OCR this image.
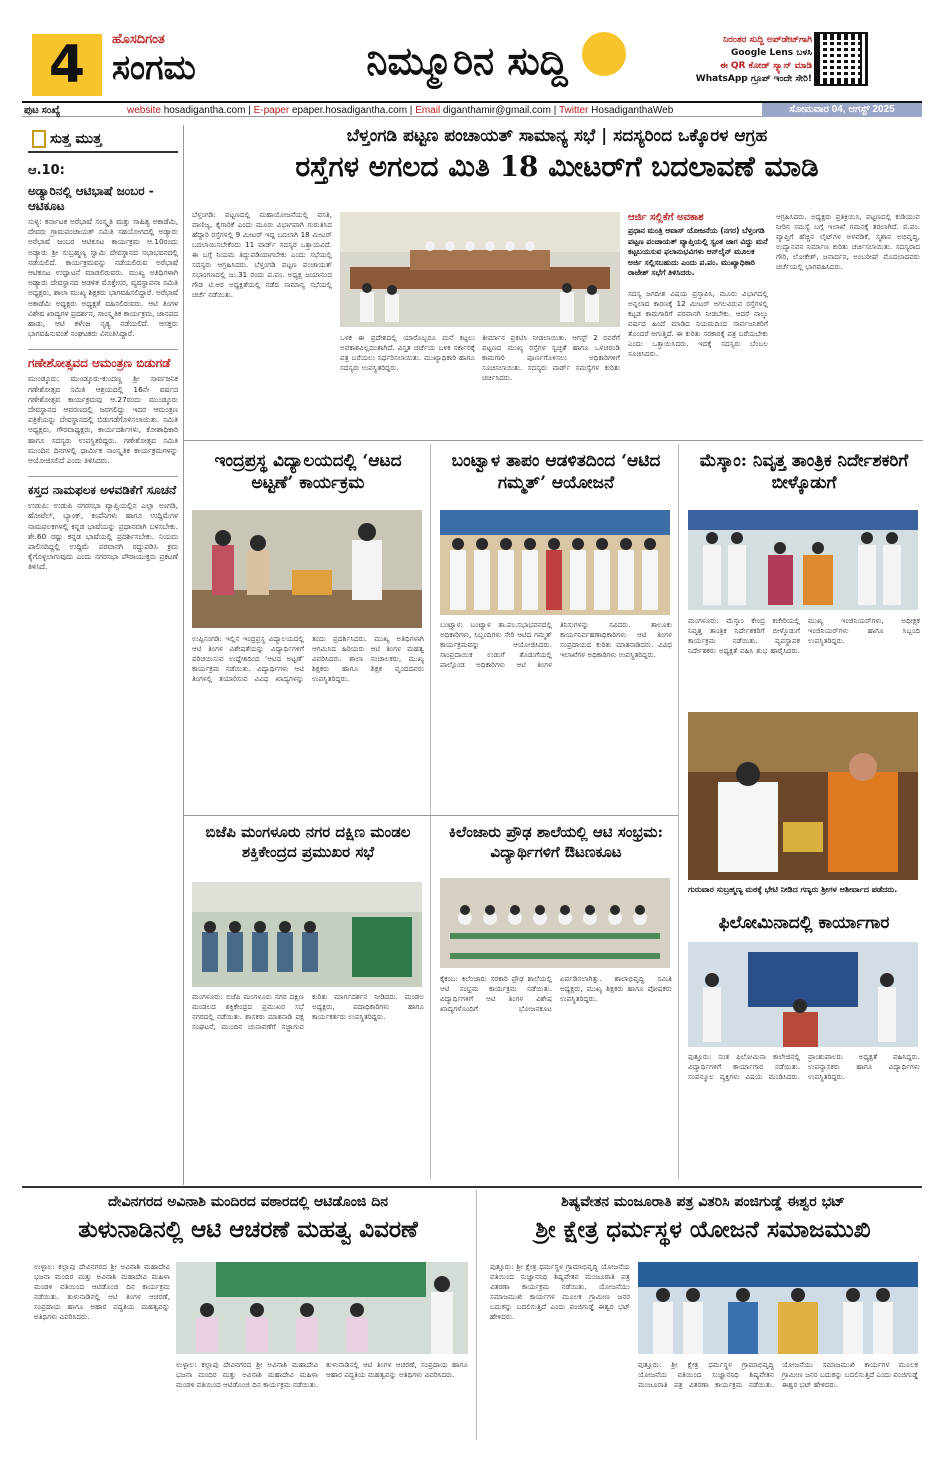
4	ಹೊಸದಿಗಂತ
ಸಂಗಮ	ನಿಮ್ಮೂರಿನ ಸುದ್ದಿ	ನಿರಂತರ ಸುದ್ದಿ ಅಪ್‌ಡೇಟ್‌ಗಾಗಿ
Google Lens ಬಳಸಿ
ಈ QR ಕೋಡ್ ಸ್ಕ್ಯಾನ್ ಮಾಡಿ
WhatsApp ಗ್ರೂಪ್ ಇಂದೇ ಸೇರಿ!
ಪುಟ ಸಂಖ್ಯೆ	website hosadigantha.com | E-paper epaper.hosadigantha.com | Email diganthamir@gmail.com | Twitter HosadiganthaWeb	ಸೋಮವಾರ 04, ಆಗಸ್ಟ್ 2025
ಸುತ್ತ ಮುತ್ತ
ಆ.10:
ಅಡ್ಯಾರಿನಲ್ಲಿ ಆಟಿಭಾಷೆ ಜಂಬರ - ಆಟಿಕೂಟ
ಸುಳ್ಯ: ಕರ್ನಾಟಕ ಅರೆಭಾಷೆ ಸಂಸ್ಕೃತಿ ಮತ್ತು ಸಾಹಿತ್ಯ ಅಕಾಡೆಮಿ, ದೇವರು ಗ್ರಾಮಪಂಚಾಯತ್ ಸಮಿತಿ ಸಹಯೋಗದಲ್ಲಿ ಅಡ್ಯಾರು ಅರೆಭಾಷೆ ಜಂಬರ ಆಟಿಕೂಟ ಕಾರ್ಯಕ್ರಮ ಆ.10ರಂದು ಅಡ್ಯಾರು ಶ್ರೀ ಸುಬ್ರಹ್ಮಣ್ಯ ಸ್ವಾಮಿ ದೇವಸ್ಥಾನದ ಸಭಾಭವನದಲ್ಲಿ ನಡೆಯಲಿದೆ. ಕಾರ್ಯಕ್ರಮವನ್ನು ನಡೆಯಲಿರುವ ಅರೆಭಾಷೆ ಆಟಿಕೂಟ ಉದ್ಘಾಟನೆ ಮಾಡಲಿರುವರು. ಮುಖ್ಯ ಅತಿಥಿಗಳಾಗಿ ಅಡ್ಯಾರು ದೇವಸ್ಥಾನದ ಆಡಳಿತ ಮೊಕ್ತೇಸರ, ವ್ಯವಸ್ಥಾಪನಾ ಸಮಿತಿ ಅಧ್ಯಕ್ಷರು, ಶಾಲಾ ಮುಖ್ಯ ಶಿಕ್ಷಕರು ಭಾಗವಹಿಸಲಿದ್ದಾರೆ. ಅರೆಭಾಷೆ ಅಕಾಡೆಮಿ ಅಧ್ಯಕ್ಷರು ಅಧ್ಯಕ್ಷತೆ ವಹಿಸಲಿರುವರು. ಆಟಿ ತಿಂಗಳ ವಿಶೇಷ ಖಾದ್ಯಗಳ ಪ್ರದರ್ಶನ, ಸಾಂಸ್ಕೃತಿಕ ಕಾರ್ಯಕ್ರಮ, ಜಾನಪದ ಹಾಡು, ಆಟಿ ಕಳೆಂಜ ನೃತ್ಯ ನಡೆಯಲಿದೆ. ಆಸಕ್ತರು ಭಾಗವಹಿಸುವಂತೆ ಸಂಘಟಕರು ವಿನಂತಿಸಿದ್ದಾರೆ.
ಗಣೇಶೋತ್ಸವದ ಆಮಂತ್ರಣ ಬಿಡುಗಡೆ
ಮುಂಡ್ಕೂರು: ಮುಂಡ್ಕೂರು-ಕುಂದಣ್ಣ ಶ್ರೀ ಸಾರ್ವಜನಿಕ ಗಣೇಶೋತ್ಸವ ಸಮಿತಿ ಆಶ್ರಯದಲ್ಲಿ 16ನೇ ವರ್ಷದ ಗಣೇಶೋತ್ಸವ ಕಾರ್ಯಕ್ರಮವು ಆ.27ರಂದು ಮುಂಡ್ಕೂರು ದೇವಸ್ಥಾನದ ಆವರಣದಲ್ಲಿ ಜರಗಲಿದ್ದು ಇದರ ಆಮಂತ್ರಣ ಪತ್ರಿಕೆಯನ್ನು ದೇವಸ್ಥಾನದಲ್ಲಿ ಬಿಡುಗಡೆಗೊಳಿಸಲಾಯಿತು. ಸಮಿತಿ ಅಧ್ಯಕ್ಷರು, ಗೌರವಾಧ್ಯಕ್ಷರು, ಕಾರ್ಯದರ್ಶಿಗಳು, ಕೋಶಾಧಿಕಾರಿ ಹಾಗೂ ಸದಸ್ಯರು ಉಪಸ್ಥಿತರಿದ್ದರು. ಗಣೇಶೋತ್ಸವ ಸಮಿತಿ ಮುಂದಿನ ದಿನಗಳಲ್ಲಿ ಧಾರ್ಮಿಕ ಸಾಂಸ್ಕೃತಿಕ ಕಾರ್ಯಕ್ರಮಗಳನ್ನು ಆಯೋಜಿಸಲಿದೆ ಎಂದು ತಿಳಿಸಿದರು.
ಕಸ್ತದ ನಾಮಫಲಕ ಅಳವಡಿಕೆಗೆ ಸೂಚನೆ
ಉಡುಪಿ: ಉಡುಪಿ ನಗರಸಭಾ ವ್ಯಾಪ್ತಿಯಲ್ಲಿನ ಎಲ್ಲಾ ಅಂಗಡಿ, ಹೋಟೆಲ್, ಬ್ಯಾಂಕ್, ಕಂಪೆನಿಗಳು ಹಾಗೂ ಉದ್ದಿಮೆಗಳ ನಾಮಫಲಕಗಳಲ್ಲಿ ಕನ್ನಡ ಭಾಷೆಯನ್ನು ಪ್ರಧಾನವಾಗಿ ಬಳಸಬೇಕು. ಶೇ.60 ರಷ್ಟು ಕನ್ನಡ ಭಾಷೆಯಲ್ಲಿ ಪ್ರದರ್ಶಿಸಬೇಕು. ನಿಯಮ ಪಾಲಿಸದಿದ್ದಲ್ಲಿ ಉದ್ದಿಮೆ ಪರವಾನಗಿ ರದ್ದುಪಡಿಸಿ ಕ್ರಮ ಕೈಗೊಳ್ಳಲಾಗುವುದು ಎಂದು ನಗರಸಭಾ ಪೌರಾಯುಕ್ತರು ಪ್ರಕಟಣೆ ತಿಳಿಸಿದೆ.
ಬೆಳ್ತಂಗಡಿ ಪಟ್ಟಣ ಪಂಚಾಯತ್ ಸಾಮಾನ್ಯ ಸಭೆ | ಸದಸ್ಯರಿಂದ ಒಕ್ಕೊರಳ ಆಗ್ರಹ
ರಸ್ತೆಗಳ ಅಗಲದ ಮಿತಿ 18 ಮೀಟರ್‌ಗೆ ಬದಲಾವಣೆ ಮಾಡಿ
ಬೆಳ್ತಂಗಡಿ: ಪಟ್ಟಣದಲ್ಲಿ ಮಹಾಯೋಜನೆಯಲ್ಲಿ ವಸತಿ, ವಾಣಿಜ್ಯ, ಕೈಗಾರಿಕೆ ಎಂದು ಮೂರು ವಿಭಾಗವಾಗಿ ಗುರುತಿಸಿದ ಹೆದ್ದಾರಿ ರಸ್ತೆಗಳಲ್ಲಿ 9 ಮೀಟರ್ ಇದ್ದ ಬದಲಾಗಿ 18 ಮೀಟರ್ ಬದಲಾಯಿಸಬೇಕೆಂದು 11 ವಾರ್ಡ್ ಸದಸ್ಯರ ಒತ್ತಾಯವಿದೆ. ಈ ಬಗ್ಗೆ ನಿಯಮ ತಿದ್ದುಪಡಿಯಾಗಬೇಕು ಎಂದು ಸಭೆಯಲ್ಲಿ ಸದಸ್ಯರು ಆಗ್ರಹಿಸಿದರು. ಬೆಳ್ತಂಗಡಿ ಪಟ್ಟಣ ಪಂಚಾಯತ್ ಸಭಾಂಗಣದಲ್ಲಿ ಜು.31 ರಂದು ಪ.ಪಂ. ಅಧ್ಯಕ್ಷ ಜಯಾನಂದ ಗೌಡ ಟಿ.ಆರ ಅಧ್ಯಕ್ಷತೆಯಲ್ಲಿ ನಡೆದ ಸಾಮಾನ್ಯ ಸಭೆಯಲ್ಲಿ ಚರ್ಚೆ ನಡೆಯಿತು.
ಒಳಕ ಈ ಪ್ರದೇಶದಲ್ಲಿ ಯಾರೊಬ್ಬರೂ ಮನೆ ಕಟ್ಟಲು ಅವಕಾಶವಿಲ್ಲದಂತಾಗಿದೆ. ವಿಸ್ತೃತ ಚರ್ಚೆಯ ಬಳಿಕ ಸರ್ಕಾರಕ್ಕೆ ಪತ್ರ ಬರೆಯಲು ನಿರ್ಧರಿಸಲಾಯಿತು. ಮುಖ್ಯಾಧಿಕಾರಿ ಹಾಗೂ ಸದಸ್ಯರು ಉಪಸ್ಥಿತರಿದ್ದರು.
ತೀರ್ಮಾನ ಪ್ರಕಟಿಸಿ ನೀಡಲಾಯಿತು. ಆಗಸ್ಟ್ 2 ರವರೆಗೆ ಪಟ್ಟಣದ ಮುಖ್ಯ ರಸ್ತೆಗಳ ಸ್ವಚ್ಛತೆ ಹಾಗೂ ಒಳಚರಂಡಿ ಕಾಮಗಾರಿ ಪೂರ್ಣಗೊಳಿಸಲು ಅಧಿಕಾರಿಗಳಿಗೆ ಸೂಚಿಸಲಾಯಿತು. ಸದಸ್ಯರು ವಾರ್ಡ್ ಸಮಸ್ಯೆಗಳ ಕುರಿತು ಚರ್ಚಿಸಿದರು.
ಆರ್ಜಿ ಸಲ್ಲಿಕೆಗೆ ಅವಕಾಶ
ಪ್ರಧಾನ ಮಂತ್ರಿ ಆವಾಸ್ ಯೋಜನೆಯ (ನಗರ) ಬೆಳ್ತಂಗಡಿ ಪಟ್ಟಣ ಪಂಚಾಯತ್ ವ್ಯಾಪ್ತಿಯಲ್ಲಿ ಸ್ವಂತ ಜಾಗ ವಿದ್ದು ಮನೆ ಕಟ್ಟಬಯಸುವ ಫಲಾನುಭವಿಗಳು ಆನ್‌ಲೈನ್ ಮೂಲಕ ಅರ್ಜಿ ಸಲ್ಲಿಸಬಹುದು ಎಂದು ಪ.ಪಂ. ಮುಖ್ಯಾಧಿಕಾರಿ ರಾಜೇಶ್ ಸಭೆಗೆ ತಿಳಿಸಿದರು.
ಸದಸ್ಯ ಜಗದೀಶ ವಿಷಯ ಪ್ರಸ್ತಾಪಿಸಿ, ಮೂರು ವಿಭಾಗದಲ್ಲಿ ಅನ್ನಲಾದ ಕಾರಣಕ್ಕೆ 12 ಮೀಟರ್ ಅಗಲವಿರುವ ರಸ್ತೆಗಳಲ್ಲಿ ಕಟ್ಟಡ ಕಾಮಗಾರಿಗೆ ಪರವಾನಗಿ ನೀಡಬೇಕು. ಆದರೆ ನಾಲ್ಕು ವರ್ಷದ ಹಿಂದೆ ಮಾಡಿದ ನಿಯಮದಿಂದ ಸಾರ್ವಜನಿಕರಿಗೆ ತೊಂದರೆ ಆಗುತ್ತಿದೆ. ಈ ಕುರಿತು ಸರಕಾರಕ್ಕೆ ಪತ್ರ ಬರೆಯಬೇಕು ಎಂದು ಒತ್ತಾಯಿಸಿದರು. ಇದಕ್ಕೆ ಸದಸ್ಯರು ಬೆಂಬಲ ಸೂಚಿಸಿದರು.
ಆಗ್ರಹಿಸಿದರು. ಅಧ್ಯಕ್ಷರು ಪ್ರತಿಕ್ರಿಯಿಸಿ, ಪಟ್ಟಣದಲ್ಲಿ ಕುಡಿಯುವ ನೀರಿನ ಸಮಸ್ಯೆ ಬಗ್ಗೆ ಇಲಾಖೆ ಗಮನಕ್ಕೆ ತರಲಾಗಿದೆ. ಪ.ಪಂ. ವ್ಯಾಪ್ತಿಗೆ ಹೆಚ್ಚಿನ ಲೈಟ್‌ಗಳ ಅಳವಡಿಕೆ, ಸ್ಮಶಾನ ಅಭಿವೃದ್ಧಿ, ಉದ್ಯಾನವನ ನಿರ್ಮಾಣ ಕುರಿತು ಚರ್ಚಿಸಲಾಯಿತು. ಸದಸ್ಯರಾದ ಗೌರಿ, ಲೋಕೇಶ್, ಜನಾರ್ದನ, ಅಂಬರೀಷ್ ಮೊದಲಾದವರು ಚರ್ಚೆಯಲ್ಲಿ ಭಾಗವಹಿಸಿದರು.
ಇಂದ್ರಪ್ರಸ್ಥ ವಿದ್ಯಾಲಯದಲ್ಲಿ ‘ಆಟದ ಅಟ್ಟಣೆ’ ಕಾರ್ಯಕ್ರಮ
ಉಪ್ಪಿನಂಗಡಿ: ಇಲ್ಲಿನ ಇಂದ್ರಪ್ರಸ್ಥ ವಿದ್ಯಾಲಯದಲ್ಲಿ ಆಟಿ ತಿಂಗಳ ವಿಶೇಷತೆಯನ್ನು ವಿದ್ಯಾರ್ಥಿಗಳಿಗೆ ಪರಿಚಯಿಸುವ ಉದ್ದೇಶದಿಂದ ‘ಆಟದ ಅಟ್ಟಣೆ’ ಕಾರ್ಯಕ್ರಮ ನಡೆಯಿತು. ವಿದ್ಯಾರ್ಥಿಗಳು ಆಟಿ ತಿಂಗಳಲ್ಲಿ ತಯಾರಿಸುವ ವಿವಿಧ ಖಾದ್ಯಗಳನ್ನು ತಂದು ಪ್ರದರ್ಶಿಸಿದರು. ಮುಖ್ಯ ಅತಿಥಿಗಳಾಗಿ ಆಗಮಿಸಿದ ಹಿರಿಯರು ಆಟಿ ತಿಂಗಳ ಮಹತ್ವ ವಿವರಿಸಿದರು. ಶಾಲಾ ಸಂಚಾಲಕರು, ಮುಖ್ಯ ಶಿಕ್ಷಕರು ಹಾಗೂ ಶಿಕ್ಷಕ ವೃಂದದವರು ಉಪಸ್ಥಿತರಿದ್ದರು.
ಬಂಟ್ವಾಳ ತಾಪಂ ಆಡಳಿತದಿಂದ ‘ಆಟಿದ ಗಮ್ಮತ್’ ಆಯೋಜನೆ
ಬಂಟ್ವಾಳ: ಬಂಟ್ವಾಳ ತಾ.ಪಂ.ಸಭಾಭವನದಲ್ಲಿ ಅಧಿಕಾರಿಗಳು, ಸಿಬ್ಬಂದಿಗಳು ಸೇರಿ ಆಟಿದ ಗಮ್ಮತ್ ಕಾರ್ಯಕ್ರಮವನ್ನು ಆಯೋಜಿಸಿದರು. ಸಾಂಪ್ರದಾಯಿಕ ಉಡುಗೆ ತೊಡುಗೆಯಲ್ಲಿ ಪಾಲ್ಗೊಂಡ ಅಧಿಕಾರಿಗಳು ಆಟಿ ತಿಂಗಳ ತಿನಿಸುಗಳನ್ನು ಸವಿದರು. ತಾಲೂಕು ಕಾರ್ಯನಿರ್ವಹಣಾಧಿಕಾರಿಗಳು ಆಟಿ ತಿಂಗಳ ಸಂಪ್ರದಾಯದ ಕುರಿತು ಮಾತನಾಡಿದರು. ವಿವಿಧ ಇಲಾಖೆಗಳ ಅಧಿಕಾರಿಗಳು ಉಪಸ್ಥಿತರಿದ್ದರು.
ಮೆಸ್ಕಾಂ: ನಿವೃತ್ತ ತಾಂತ್ರಿಕ ನಿರ್ದೇಶಕರಿಗೆ ಬೀಳ್ಕೊಡುಗೆ
ಮಂಗಳೂರು: ಮೆಸ್ಕಾಂ ಕೇಂದ್ರ ಕಚೇರಿಯಲ್ಲಿ ನಿವೃತ್ತ ತಾಂತ್ರಿಕ ನಿರ್ದೇಶಕರಿಗೆ ಬೀಳ್ಕೊಡುಗೆ ಕಾರ್ಯಕ್ರಮ ನಡೆಯಿತು. ವ್ಯವಸ್ಥಾಪಕ ನಿರ್ದೇಶಕರು ಅಧ್ಯಕ್ಷತೆ ವಹಿಸಿ ಶುಭ ಹಾರೈಸಿದರು. ಮುಖ್ಯ ಇಂಜಿನಿಯರ್‌ಗಳು, ಅಧೀಕ್ಷಕ ಇಂಜಿನಿಯರ್‌ಗಳು ಹಾಗೂ ಸಿಬ್ಬಂದಿ ಉಪಸ್ಥಿತರಿದ್ದರು.
ಗುರುವಾರ ಸುಬ್ರಹ್ಮಣ್ಯ ಮಠಕ್ಕೆ ಭೇಟಿ ನೀಡಿದ ಗಣ್ಯರು ಶ್ರೀಗಳ ಆಶೀರ್ವಾದ ಪಡೆದರು.
ಬಿಜೆಪಿ ಮಂಗಳೂರು ನಗರ ದಕ್ಷಿಣ ಮಂಡಲ ಶಕ್ತಿಕೇಂದ್ರದ ಪ್ರಮುಖರ ಸಭೆ
ಮಂಗಳೂರು: ಬಿಜೆಪಿ ಮಂಗಳೂರು ನಗರ ದಕ್ಷಿಣ ಮಂಡಲದ ಶಕ್ತಿಕೇಂದ್ರದ ಪ್ರಮುಖರ ಸಭೆ ನಗರದಲ್ಲಿ ನಡೆಯಿತು. ಶಾಸಕರು ಮಾತನಾಡಿ ಪಕ್ಷ ಸಂಘಟನೆ, ಮುಂದಿನ ಚುನಾವಣೆಗೆ ಸಜ್ಜಾಗುವ ಕುರಿತು ಮಾರ್ಗದರ್ಶನ ನೀಡಿದರು. ಮಂಡಲ ಅಧ್ಯಕ್ಷರು, ಪದಾಧಿಕಾರಿಗಳು ಹಾಗೂ ಕಾರ್ಯಕರ್ತರು ಉಪಸ್ಥಿತರಿದ್ದರು.
ಕಿಲೆಂಜಾರು ಪ್ರೌಢ ಶಾಲೆಯಲ್ಲಿ ಆಟಿ ಸಂಭ್ರಮ: ವಿದ್ಯಾರ್ಥಿಗಳಿಗೆ ಔಟಣಕೂಟ
ಕೈಕಂಬ: ಕಿಲೆಂಜಾರು ಸರಕಾರಿ ಪ್ರೌಢ ಶಾಲೆಯಲ್ಲಿ ಆಟಿ ಸಂಭ್ರಮ ಕಾರ್ಯಕ್ರಮ ನಡೆಯಿತು. ವಿದ್ಯಾರ್ಥಿಗಳಿಗೆ ಆಟಿ ತಿಂಗಳ ವಿಶೇಷ ಖಾದ್ಯಗಳೊಂದಿಗೆ ಭೋಜನಕೂಟ ಏರ್ಪಡಿಸಲಾಗಿತ್ತು. ಶಾಲಾಭಿವೃದ್ಧಿ ಸಮಿತಿ ಅಧ್ಯಕ್ಷರು, ಮುಖ್ಯ ಶಿಕ್ಷಕರು ಹಾಗೂ ಪೋಷಕರು ಉಪಸ್ಥಿತರಿದ್ದರು.
ಫಿಲೋಮಿನಾದಲ್ಲಿ ಕಾರ್ಯಾಗಾರ
ಪುತ್ತೂರು: ಸಂತ ಫಿಲೋಮಿನಾ ಕಾಲೇಜಿನಲ್ಲಿ ವಿದ್ಯಾರ್ಥಿಗಳಿಗೆ ಕಾರ್ಯಾಗಾರ ನಡೆಯಿತು. ಸಂಪನ್ಮೂಲ ವ್ಯಕ್ತಿಗಳು ವಿಷಯ ಮಂಡಿಸಿದರು. ಪ್ರಾಂಶುಪಾಲರು ಅಧ್ಯಕ್ಷತೆ ವಹಿಸಿದ್ದರು. ಉಪನ್ಯಾಸಕರು ಹಾಗೂ ವಿದ್ಯಾರ್ಥಿಗಳು ಉಪಸ್ಥಿತರಿದ್ದರು.
ದೇವಿನಗರದ ಅವಿನಾಶಿ ಮಂದಿರದ ವಠಾರದಲ್ಲಿ ಆಟಿಡೊಂಜಿ ದಿನ
ತುಳುನಾಡಿನಲ್ಲಿ ಆಟಿ ಆಚರಣೆ ಮಹತ್ವ ವಿವರಣೆ
ಉಳ್ಳಾಲ: ಕಲ್ಲಾಪು ದೇವಿನಗರದ ಶ್ರೀ ಅವಿನಾಶಿ ಮಹಾದೇವಿ ಭಜನಾ ಮಂದಿರ ಮತ್ತು ಅವಿನಾಶಿ ಮಹಾದೇವಿ ಮಹಿಳಾ ಮಂಡಳಿ ವತಿಯಿಂದ ಆಟಿಡೊಂಜಿ ದಿನ ಕಾರ್ಯಕ್ರಮ ನಡೆಯಿತು. ತುಳುನಾಡಿನಲ್ಲಿ ಆಟಿ ತಿಂಗಳ ಆಚರಣೆ, ಸಂಪ್ರದಾಯ ಹಾಗೂ ಆಹಾರ ಪದ್ಧತಿಯ ಮಹತ್ವವನ್ನು ಅತಿಥಿಗಳು ವಿವರಿಸಿದರು.
ಉಳ್ಳಾಲ: ಕಲ್ಲಾಪು ದೇವಿನಗರದ ಶ್ರೀ ಅವಿನಾಶಿ ಮಹಾದೇವಿ ಭಜನಾ ಮಂದಿರ ಮತ್ತು ಅವಿನಾಶಿ ಮಹಾದೇವಿ ಮಹಿಳಾ ಮಂಡಳಿ ವತಿಯಿಂದ ಆಟಿಡೊಂಜಿ ದಿನ ಕಾರ್ಯಕ್ರಮ ನಡೆಯಿತು. ತುಳುನಾಡಿನಲ್ಲಿ ಆಟಿ ತಿಂಗಳ ಆಚರಣೆ, ಸಂಪ್ರದಾಯ ಹಾಗೂ ಆಹಾರ ಪದ್ಧತಿಯ ಮಹತ್ವವನ್ನು ಅತಿಥಿಗಳು ವಿವರಿಸಿದರು.
ಶಿಷ್ಯವೇತನ ಮಂಜೂರಾತಿ ಪತ್ರ ವಿತರಿಸಿ ಪಂಜಿಗುಡ್ಡೆ ಈಶ್ವರ ಭಟ್
ಶ್ರೀ ಕ್ಷೇತ್ರ ಧರ್ಮಸ್ಥಳ ಯೋಜನೆ ಸಮಾಜಮುಖಿ
ಪುತ್ತೂರು: ಶ್ರೀ ಕ್ಷೇತ್ರ ಧರ್ಮಸ್ಥಳ ಗ್ರಾಮಾಭಿವೃದ್ಧಿ ಯೋಜನೆಯ ವತಿಯಿಂದ ಸುಜ್ಞಾನನಿಧಿ ಶಿಷ್ಯವೇತನ ಮಂಜೂರಾತಿ ಪತ್ರ ವಿತರಣಾ ಕಾರ್ಯಕ್ರಮ ನಡೆಯಿತು. ಯೋಜನೆಯು ಸಮಾಜಮುಖಿ ಕಾರ್ಯಗಳ ಮೂಲಕ ಗ್ರಾಮೀಣ ಜನರ ಬದುಕನ್ನು ಬದಲಿಸುತ್ತಿದೆ ಎಂದು ಪಂಜಿಗುಡ್ಡೆ ಈಶ್ವರ ಭಟ್ ಹೇಳಿದರು.
ಪುತ್ತೂರು: ಶ್ರೀ ಕ್ಷೇತ್ರ ಧರ್ಮಸ್ಥಳ ಗ್ರಾಮಾಭಿವೃದ್ಧಿ ಯೋಜನೆಯ ವತಿಯಿಂದ ಸುಜ್ಞಾನನಿಧಿ ಶಿಷ್ಯವೇತನ ಮಂಜೂರಾತಿ ಪತ್ರ ವಿತರಣಾ ಕಾರ್ಯಕ್ರಮ ನಡೆಯಿತು. ಯೋಜನೆಯು ಸಮಾಜಮುಖಿ ಕಾರ್ಯಗಳ ಮೂಲಕ ಗ್ರಾಮೀಣ ಜನರ ಬದುಕನ್ನು ಬದಲಿಸುತ್ತಿದೆ ಎಂದು ಪಂಜಿಗುಡ್ಡೆ ಈಶ್ವರ ಭಟ್ ಹೇಳಿದರು.
